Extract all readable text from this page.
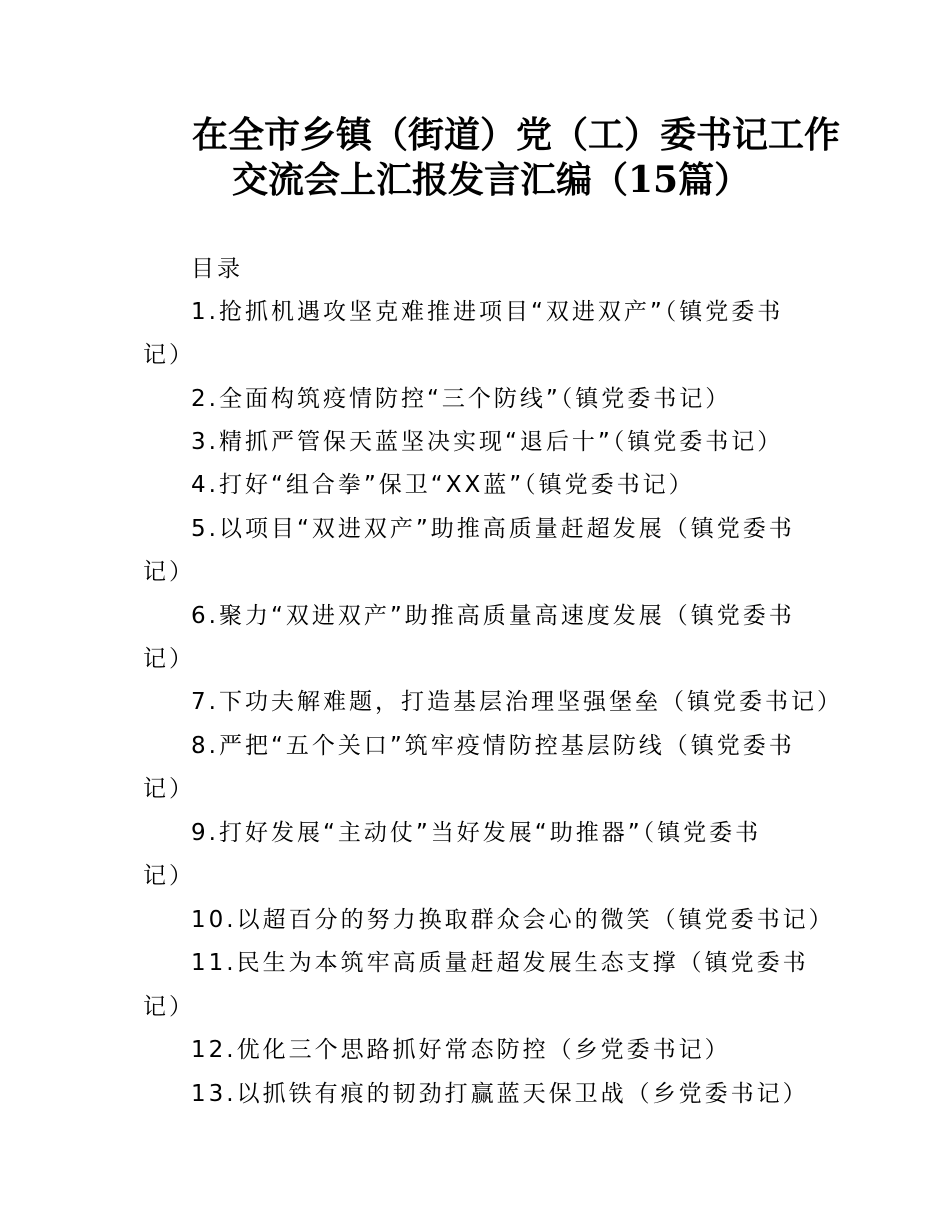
在全市乡镇（街道）党（工）委书记工作
交流会上汇报发言汇编（15篇）
目录
1.抢抓机遇攻坚克难推进项目“双进双产”（镇党委书
记）
2.全面构筑疫情防控“三个防线”（镇党委书记）
3.精抓严管保天蓝坚决实现“退后十”（镇党委书记）
4.打好“组合拳”保卫“XX蓝”（镇党委书记）
5.以项目“双进双产”助推高质量赶超发展（镇党委书
记）
6.聚力“双进双产”助推高质量高速度发展（镇党委书
记）
7.下功夫解难题，打造基层治理坚强堡垒（镇党委书记）
8.严把“五个关口”筑牢疫情防控基层防线（镇党委书
记）
9.打好发展“主动仗”当好发展“助推器”（镇党委书
记）
10.以超百分的努力换取群众会心的微笑（镇党委书记）
11.民生为本筑牢高质量赶超发展生态支撑（镇党委书
记）
12.优化三个思路抓好常态防控（乡党委书记）
13.以抓铁有痕的韧劲打赢蓝天保卫战（乡党委书记）
